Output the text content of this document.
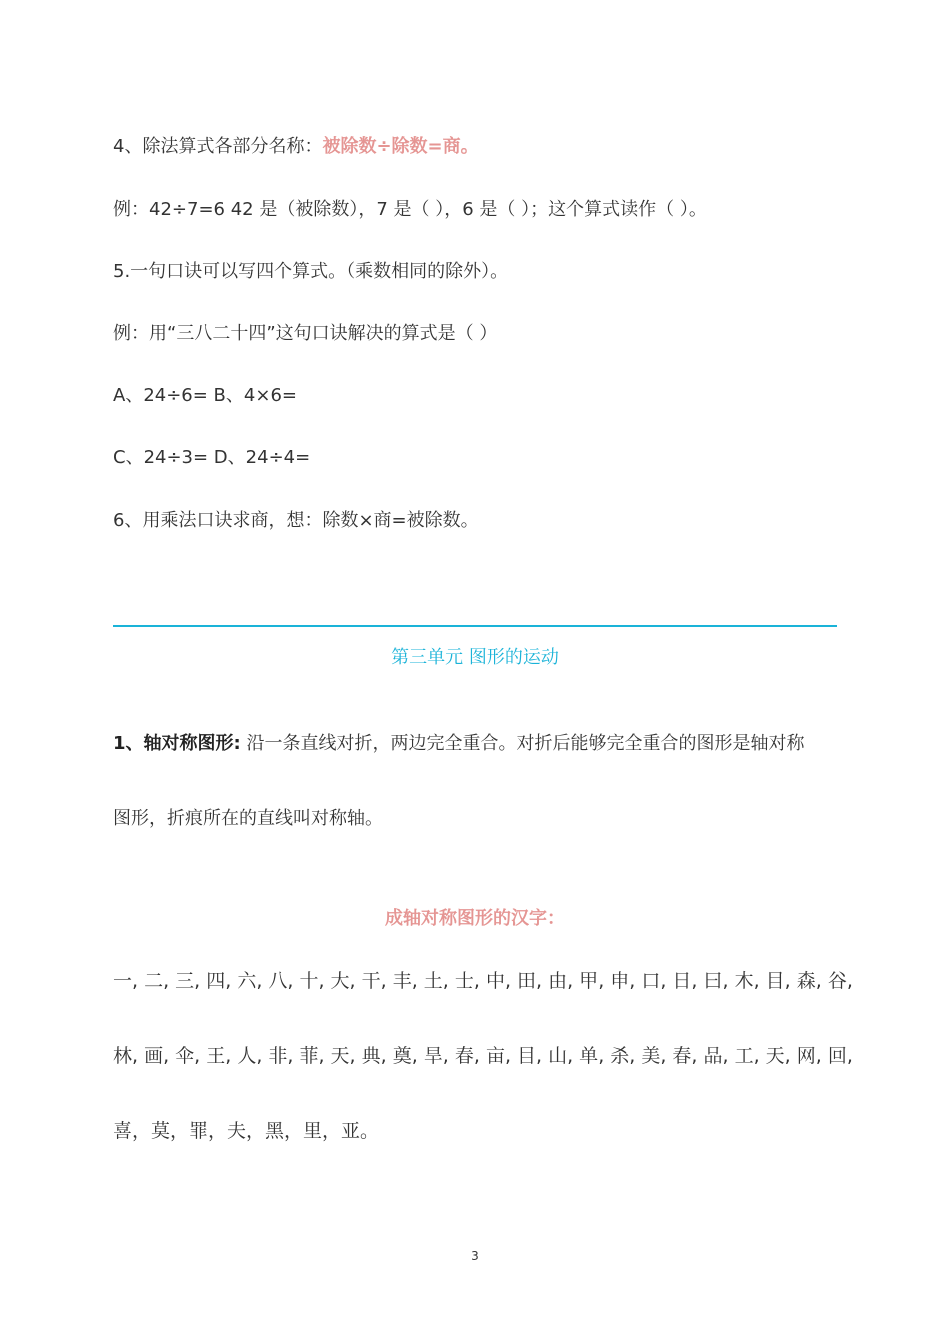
4、除法算式各部分名称：被除数÷除数=商。
例：42÷7=6 42 是（被除数），7 是（ ），6 是（ ）；这个算式读作（ ）。
5.一句口诀可以写四个算式。（乘数相同的除外）。
例：用“三八二十四”这句口诀解决的算式是（ ）
A、24÷6= B、4×6=
C、24÷3= D、24÷4=
6、用乘法口诀求商，想：除数×商=被除数。
第三单元 图形的运动
1、轴对称图形: 沿一条直线对折，两边完全重合。对折后能够完全重合的图形是轴对称
图形，折痕所在的直线叫对称轴。
成轴对称图形的汉字：
一, 二, 三, 四, 六, 八, 十, 大, 干, 丰, 土, 士, 中, 田, 由, 甲, 申, 口, 日, 曰, 木, 目, 森, 谷,
林, 画, 伞, 王, 人, 非, 菲, 天, 典, 奠, 旱, 春, 亩, 目, 山, 单, 杀, 美, 春, 品, 工, 天, 网, 回,
喜，莫，罪，夫，黑，里，亚。
3
